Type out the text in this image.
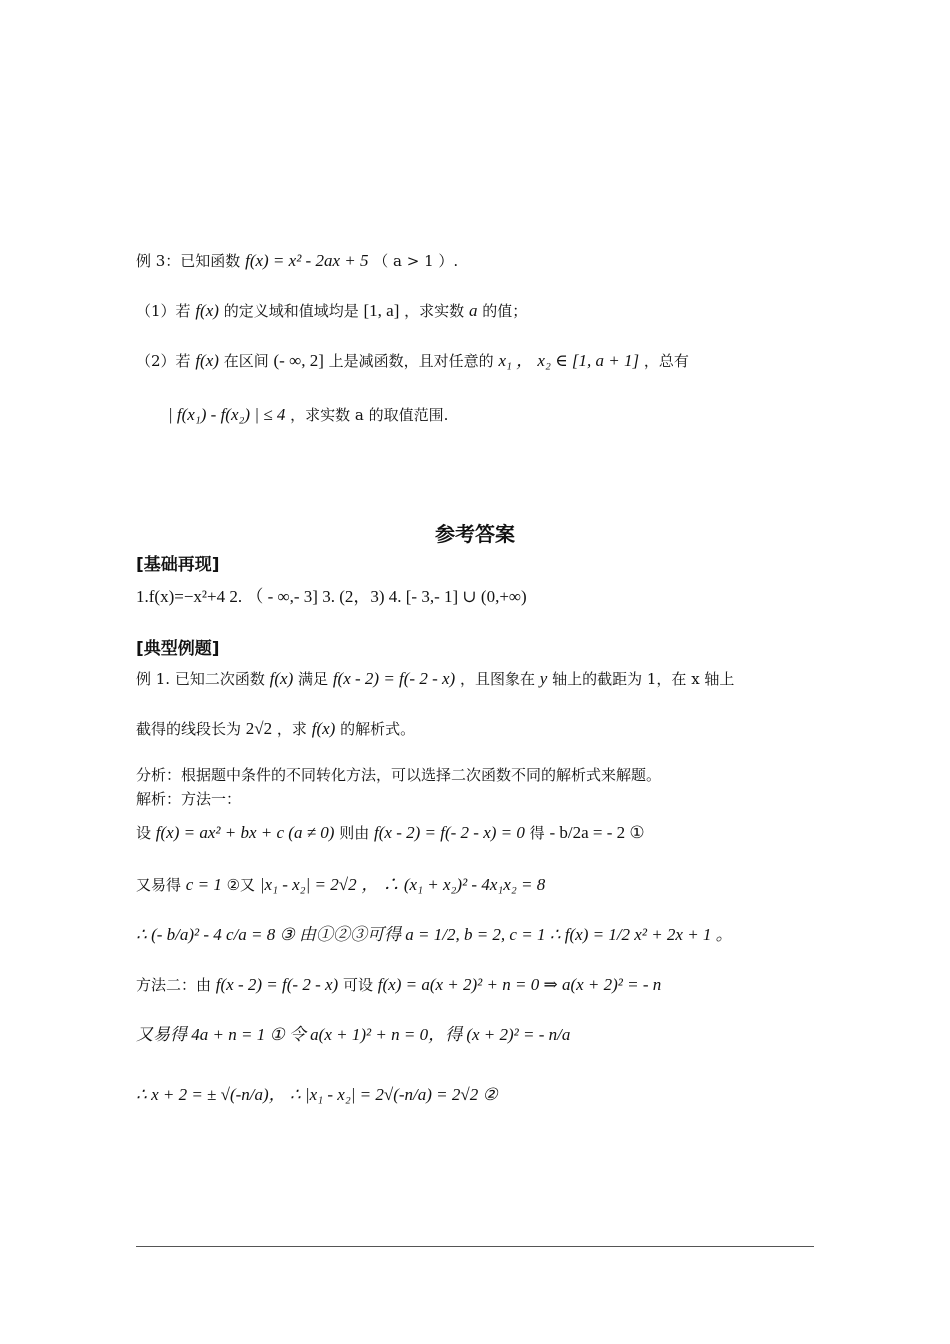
例 3：已知函数 f(x) = x² - 2ax + 5 （ a > 1 ）.
（1）若 f(x) 的定义域和值域均是 [1, a] ，求实数 a 的值；
（2）若 f(x) 在区间 (- ∞, 2] 上是减函数，且对任意的 x₁ ， x₂ ∈ [1, a + 1] ，总有
| f(x₁) - f(x₂) | ≤ 4 ，求实数 a 的取值范围.
参考答案
[基础再现]
1.f(x)=−x²+4 2. （ - ∞,- 3] 3. (2，3) 4. [- 3,- 1] ∪ (0,+∞)
[典型例题]
例 1. 已知二次函数 f(x) 满足 f(x - 2) = f(- 2 - x) ，且图象在 y 轴上的截距为 1，在 x 轴上
截得的线段长为 2√2 ，求 f(x) 的解析式。
分析：根据题中条件的不同转化方法，可以选择二次函数不同的解析式来解题。
解析：方法一：
设 f(x) = ax² + bx + c (a ≠ 0) 则由 f(x - 2) = f(- 2 - x) = 0 得 - b/2a = - 2 ①
又易得 c = 1 ②又 |x₁ - x₂| = 2√2 ， ∴ (x₁ + x₂)² - 4x₁x₂ = 8
∴ (- b/a)² - 4 c/a = 8 ③ 由①②③可得 a = 1/2, b = 2, c = 1 ∴ f(x) = 1/2 x² + 2x + 1 。
方法二：由 f(x - 2) = f(- 2 - x) 可设 f(x) = a(x + 2)² + n = 0 ⇒ a(x + 2)² = - n
又易得 4a + n = 1 ① 令 a(x + 1)² + n = 0，得 (x + 2)² = - n/a
∴ x + 2 = ± √(-n/a)， ∴ |x₁ - x₂| = 2√(-n/a) = 2√2 ②
